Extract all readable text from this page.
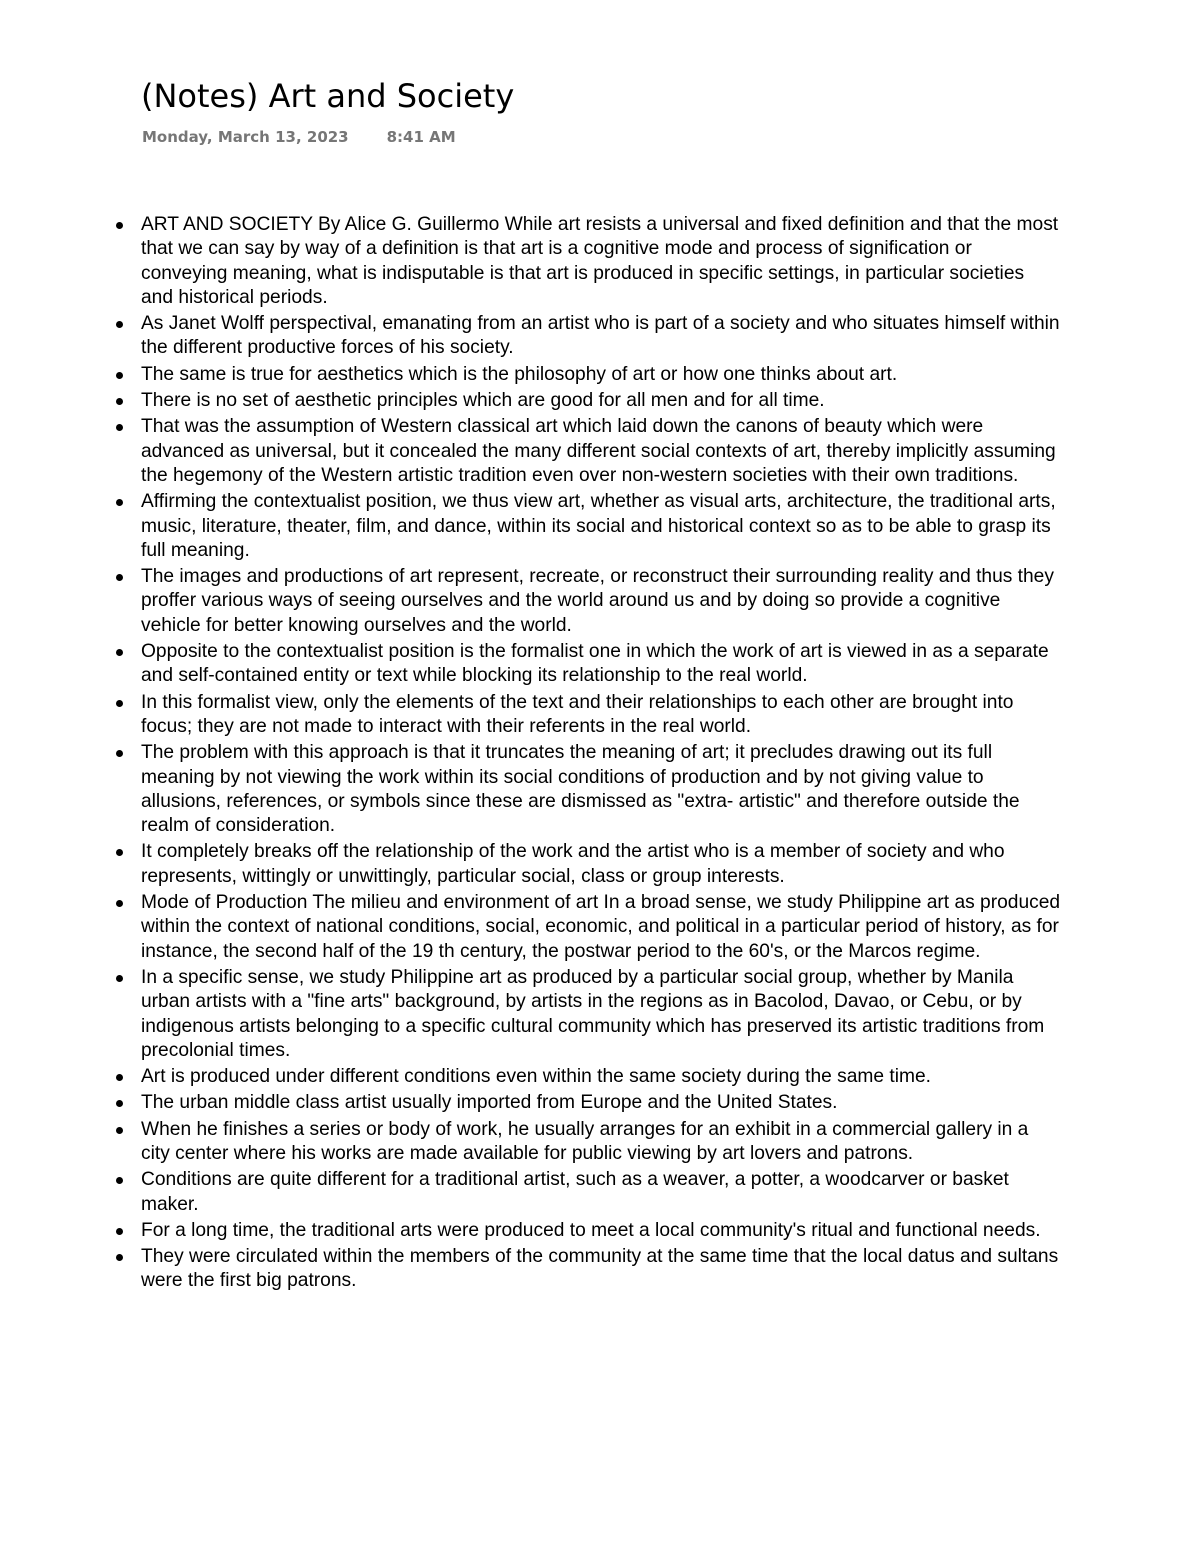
(Notes) Art and Society
Monday, March 13, 2023	8:41 AM
ART AND SOCIETY By Alice G. Guillermo While art resists a universal and fixed definition and that the most that we can say by way of a definition is that art is a cognitive mode and process of signification or conveying meaning, what is indisputable is that art is produced in specific settings, in particular societies and historical periods.
As Janet Wolff perspectival, emanating from an artist who is part of a society and who situates himself within the different productive forces of his society.
The same is true for aesthetics which is the philosophy of art or how one thinks about art.
There is no set of aesthetic principles which are good for all men and for all time.
That was the assumption of Western classical art which laid down the canons of beauty which were advanced as universal, but it concealed the many different social contexts of art, thereby implicitly assuming the hegemony of the Western artistic tradition even over non-western societies with their own traditions.
Affirming the contextualist position, we thus view art, whether as visual arts, architecture, the traditional arts, music, literature, theater, film, and dance, within its social and historical context so as to be able to grasp its full meaning.
The images and productions of art represent, recreate, or reconstruct their surrounding reality and thus they proffer various ways of seeing ourselves and the world around us and by doing so provide a cognitive vehicle for better knowing ourselves and the world.
Opposite to the contextualist position is the formalist one in which the work of art is viewed in as a separate and self-contained entity or text while blocking its relationship to the real world.
In this formalist view, only the elements of the text and their relationships to each other are brought into focus; they are not made to interact with their referents in the real world.
The problem with this approach is that it truncates the meaning of art; it precludes drawing out its full meaning by not viewing the work within its social conditions of production and by not giving value to allusions, references, or symbols since these are dismissed as "extra- artistic" and therefore outside the realm of consideration.
It completely breaks off the relationship of the work and the artist who is a member of society and who represents, wittingly or unwittingly, particular social, class or group interests.
Mode of Production The milieu and environment of art In a broad sense, we study Philippine art as produced within the context of national conditions, social, economic, and political in a particular period of history, as for instance, the second half of the 19 th century, the postwar period to the 60's, or the Marcos regime.
In a specific sense, we study Philippine art as produced by a particular social group, whether by Manila urban artists with a "fine arts" background, by artists in the regions as in Bacolod, Davao, or Cebu, or by indigenous artists belonging to a specific cultural community which has preserved its artistic traditions from precolonial times.
Art is produced under different conditions even within the same society during the same time.
The urban middle class artist usually imported from Europe and the United States.
When he finishes a series or body of work, he usually arranges for an exhibit in a commercial gallery in a city center where his works are made available for public viewing by art lovers and patrons.
Conditions are quite different for a traditional artist, such as a weaver, a potter, a woodcarver or basket maker.
For a long time, the traditional arts were produced to meet a local community's ritual and functional needs.
They were circulated within the members of the community at the same time that the local datus and sultans were the first big patrons.
